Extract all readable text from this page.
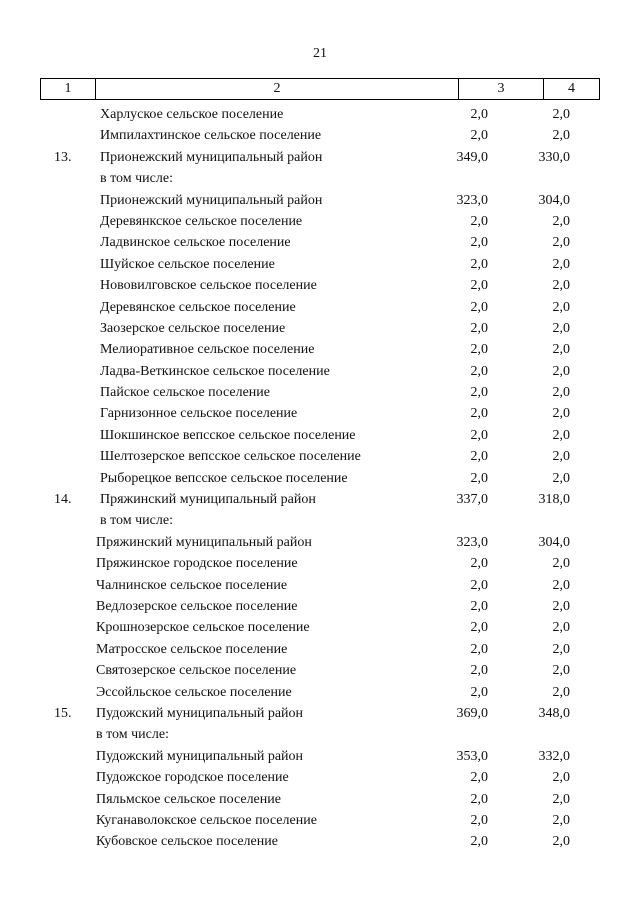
21
1	2	3	4
Харлуское сельское поселение	2,0	2,0
Импилахтинское сельское поселение	2,0	2,0
13. Прионежский муниципальный район	349,0	330,0
в том числе:
Прионежский муниципальный район	323,0	304,0
Деревянкское сельское поселение	2,0	2,0
Ладвинское сельское поселение	2,0	2,0
Шуйское сельское поселение	2,0	2,0
Нововилговское сельское поселение	2,0	2,0
Деревянское сельское поселение	2,0	2,0
Заозерское сельское поселение	2,0	2,0
Мелиоративное сельское поселение	2,0	2,0
Ладва-Веткинское сельское поселение	2,0	2,0
Пайское сельское поселение	2,0	2,0
Гарнизонное сельское поселение	2,0	2,0
Шокшинское вепсское сельское поселение	2,0	2,0
Шелтозерское вепсское сельское поселение	2,0	2,0
Рыборецкое вепсское сельское поселение	2,0	2,0
14. Пряжинский муниципальный район	337,0	318,0
в том числе:
Пряжинский муниципальный район	323,0	304,0
Пряжинское городское поселение	2,0	2,0
Чалнинское сельское поселение	2,0	2,0
Ведлозерское сельское поселение	2,0	2,0
Крошнозерское сельское поселение	2,0	2,0
Матросское сельское поселение	2,0	2,0
Святозерское сельское поселение	2,0	2,0
Эссойльское сельское поселение	2,0	2,0
15. Пудожский муниципальный район	369,0	348,0
в том числе:
Пудожский муниципальный район	353,0	332,0
Пудожское городское поселение	2,0	2,0
Пяльмское сельское поселение	2,0	2,0
Куганаволокское сельское поселение	2,0	2,0
Кубовское сельское поселение	2,0	2,0
